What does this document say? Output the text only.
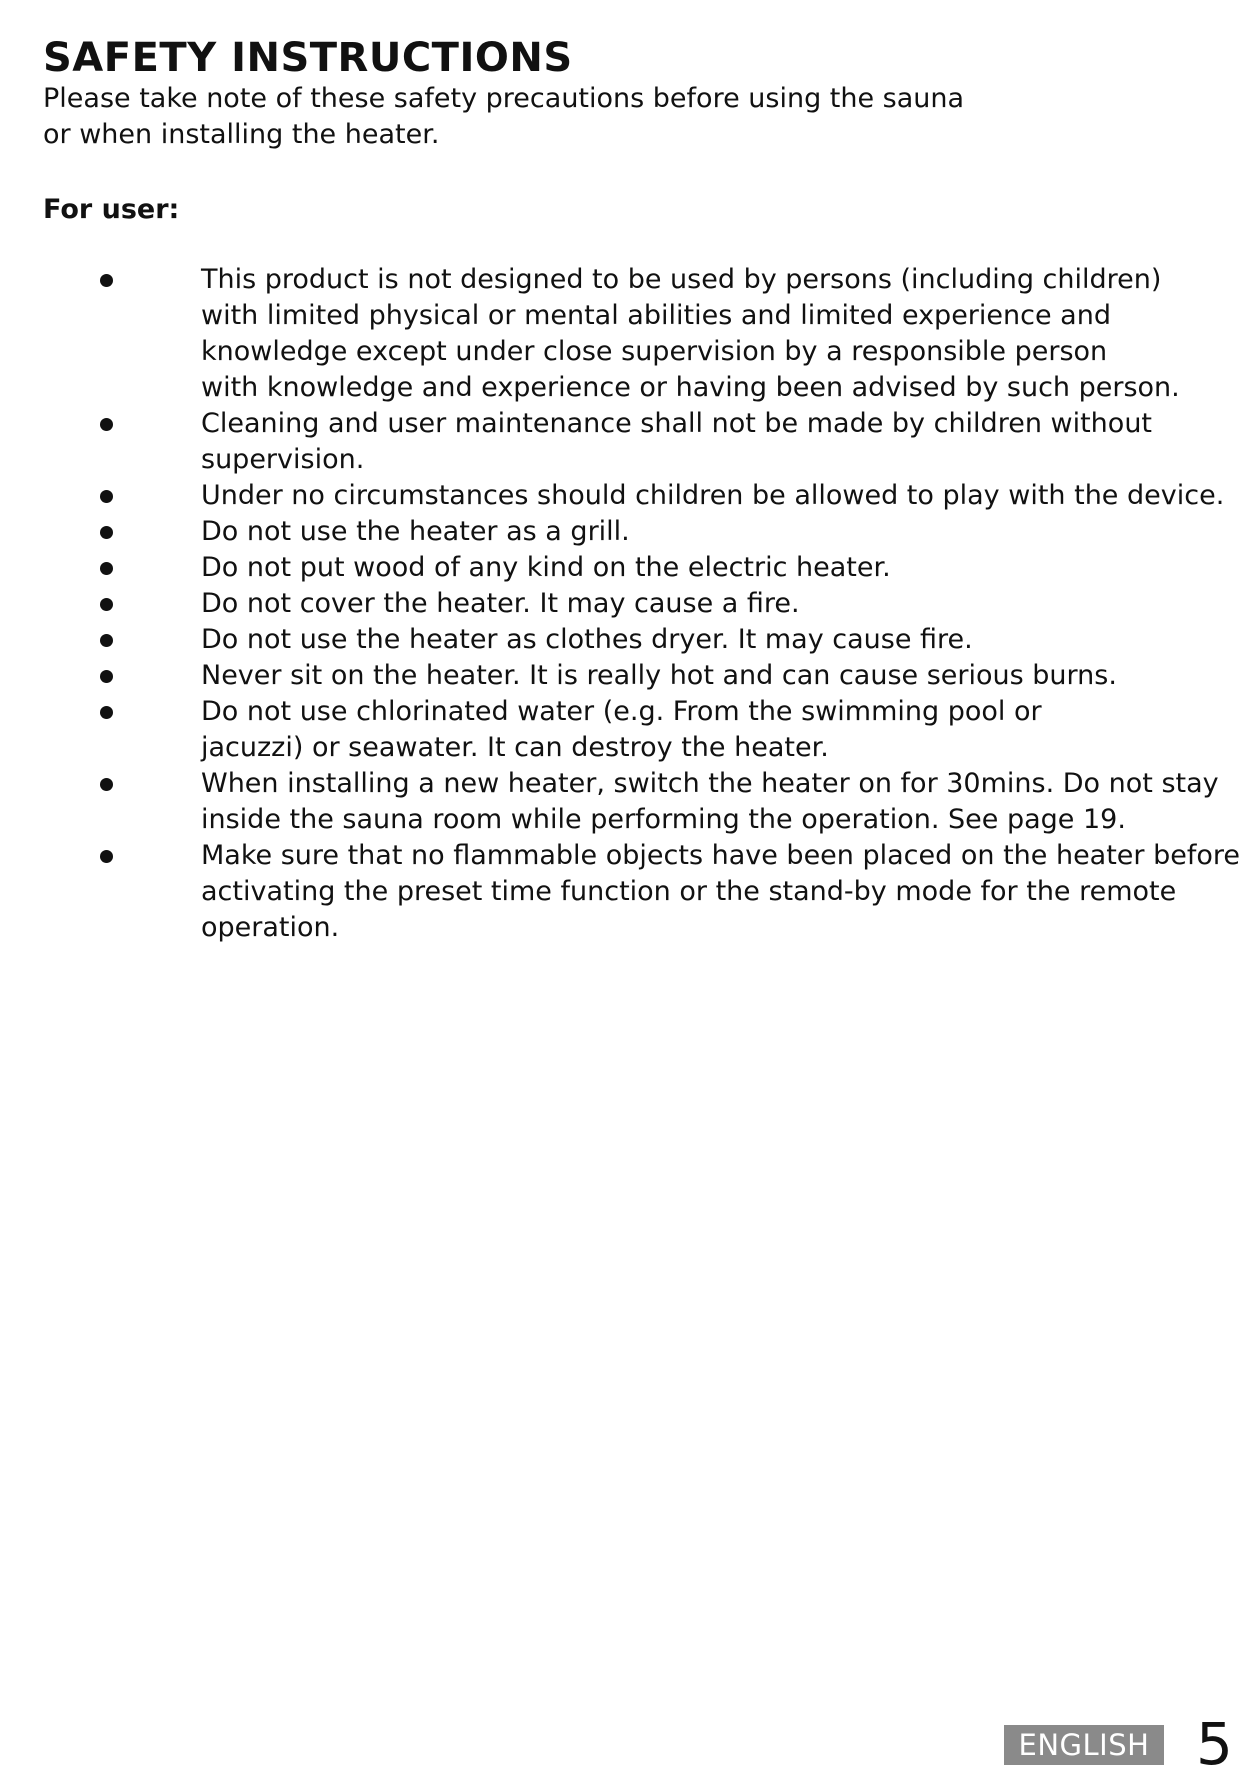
SAFETY INSTRUCTIONS
Please take note of these safety precautions before using the sauna
or when installing the heater.
For user:
This product is not designed to be used by persons (including children)
with limited physical or mental abilities and limited experience and
knowledge except under close supervision by a responsible person
with knowledge and experience or having been advised by such person.
Cleaning and user maintenance shall not be made by children without
supervision.
Under no circumstances should children be allowed to play with the device.
Do not use the heater as a grill.
Do not put wood of any kind on the electric heater.
Do not cover the heater. It may cause a fire.
Do not use the heater as clothes dryer. It may cause fire.
Never sit on the heater. It is really hot and can cause serious burns.
Do not use chlorinated water (e.g. From the swimming pool or
jacuzzi) or seawater. It can destroy the heater.
When installing a new heater, switch the heater on for 30mins. Do not stay
inside the sauna room while performing the operation. See page 19.
Make sure that no flammable objects have been placed on the heater before
activating the preset time function or the stand-by mode for the remote
operation.
ENGLISH 5
